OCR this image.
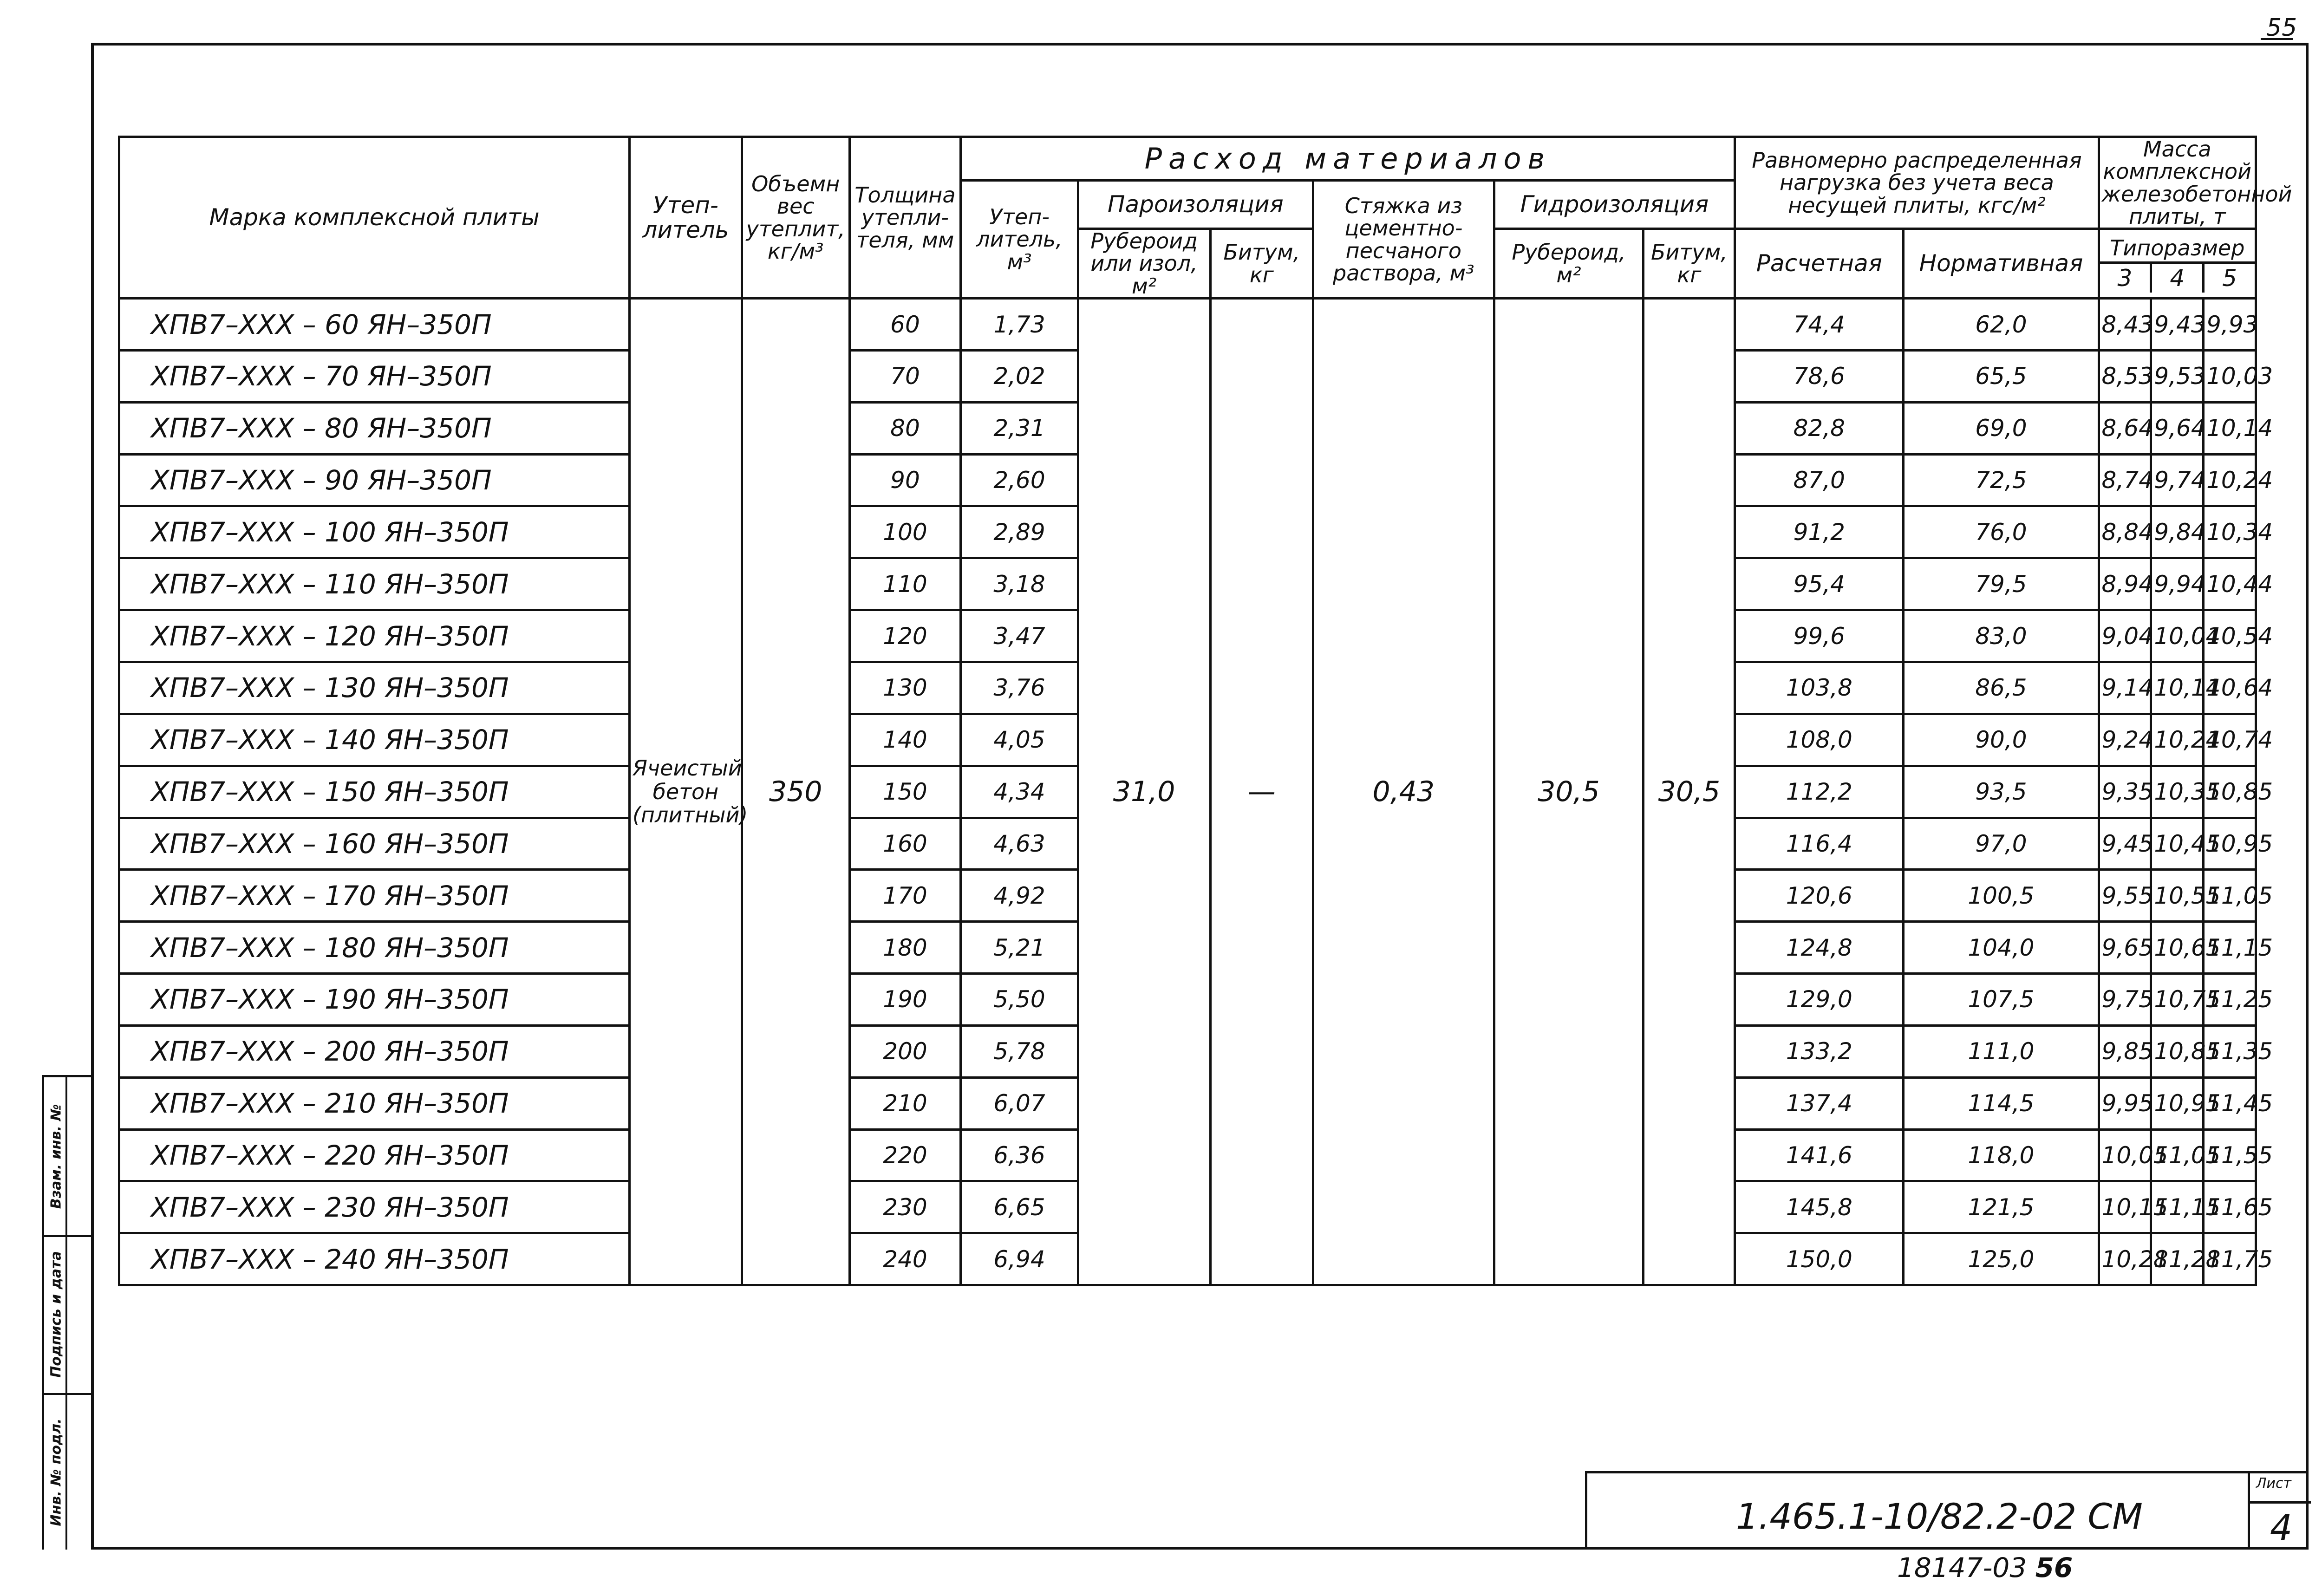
55
Инв. № подл.
Подпись и дата
Взам. инв. №
Марка комплексной плиты	Утеп-литель	Объемн вес утеплит, кг/м³	Толщина утепли-теля, мм	Расход материалов						Равномерно распределенная нагрузка без учета веса несущей плиты, кгс/м²		Масса комплексной железобетонной плиты, т		
				Утеп-литель, м³	Пароизоляция		Стяжка из цементно-песчаного раствора, м³	Гидроизоляция						
					Рубероид или изол, м²	Битум, кг		Рубероид, м²	Битум, кг	Расчетная	Нормативная	Типоразмер
3 4 5		

ХПВ7–ХХХ – 60 ЯН–350П	Ячеистый бетон (плитный)	350	60	1,73	31,0	—	0,43	30,5	30,5	74,4	62,0	8,43	9,43	9,93
ХПВ7–ХХХ – 70 ЯН–350П			70	2,02						78,6	65,5	8,53	9,53	10,03
ХПВ7–ХХХ – 80 ЯН–350П			80	2,31						82,8	69,0	8,64	9,64	10,14
ХПВ7–ХХХ – 90 ЯН–350П			90	2,60						87,0	72,5	8,74	9,74	10,24
ХПВ7–ХХХ – 100 ЯН–350П			100	2,89						91,2	76,0	8,84	9,84	10,34
ХПВ7–ХХХ – 110 ЯН–350П			110	3,18						95,4	79,5	8,94	9,94	10,44
ХПВ7–ХХХ – 120 ЯН–350П			120	3,47						99,6	83,0	9,04	10,04	10,54
ХПВ7–ХХХ – 130 ЯН–350П			130	3,76						103,8	86,5	9,14	10,14	10,64
ХПВ7–ХХХ – 140 ЯН–350П			140	4,05						108,0	90,0	9,24	10,24	10,74
ХПВ7–ХХХ – 150 ЯН–350П			150	4,34						112,2	93,5	9,35	10,35	10,85
ХПВ7–ХХХ – 160 ЯН–350П			160	4,63						116,4	97,0	9,45	10,45	10,95
ХПВ7–ХХХ – 170 ЯН–350П			170	4,92						120,6	100,5	9,55	10,55	11,05
ХПВ7–ХХХ – 180 ЯН–350П			180	5,21						124,8	104,0	9,65	10,65	11,15
ХПВ7–ХХХ – 190 ЯН–350П			190	5,50						129,0	107,5	9,75	10,75	11,25
ХПВ7–ХХХ – 200 ЯН–350П			200	5,78						133,2	111,0	9,85	10,85	11,35
ХПВ7–ХХХ – 210 ЯН–350П			210	6,07						137,4	114,5	9,95	10,95	11,45
ХПВ7–ХХХ – 220 ЯН–350П			220	6,36						141,6	118,0	10,05	11,05	11,55
ХПВ7–ХХХ – 230 ЯН–350П			230	6,65						145,8	121,5	10,15	11,15	11,65
ХПВ7–ХХХ – 240 ЯН–350П			240	6,94						150,0	125,0	10,28	11,28	11,75
1.465.1-10/82.2-02 СМ
Лист
4
18147-03 56
